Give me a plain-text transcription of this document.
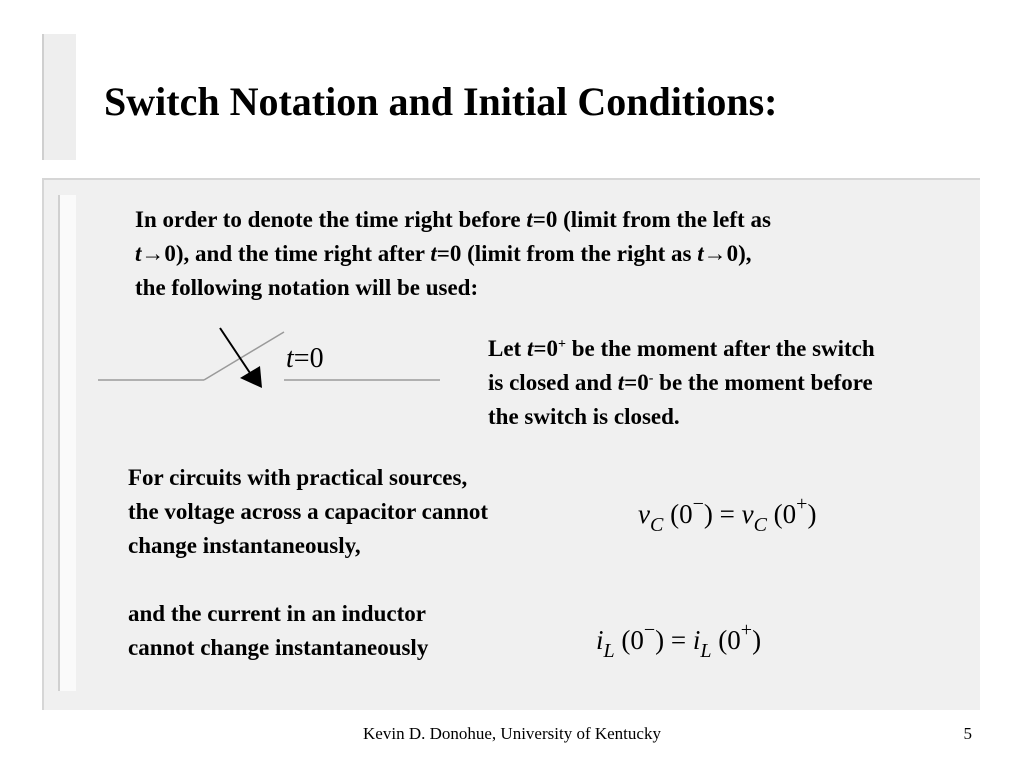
Switch Notation and Initial Conditions:
In order to denote the time right before t=0 (limit from the left as
t→0), and the time right after t=0 (limit from the right as t→0),
the following notation will be used:
t=0	Let t=0+ be the moment after the switch
is closed and t=0- be the moment before
the switch is closed.
For circuits with practical sources,
the voltage across a capacitor cannot
change instantaneously,
and the current in an inductor
cannot change instantaneously
$v_C$ $(0^-) = v_C$ (0+)
$i_L$ $(0^-) = i_L$ (0+)
Kevin D. Donohue, University of Kentucky	5
